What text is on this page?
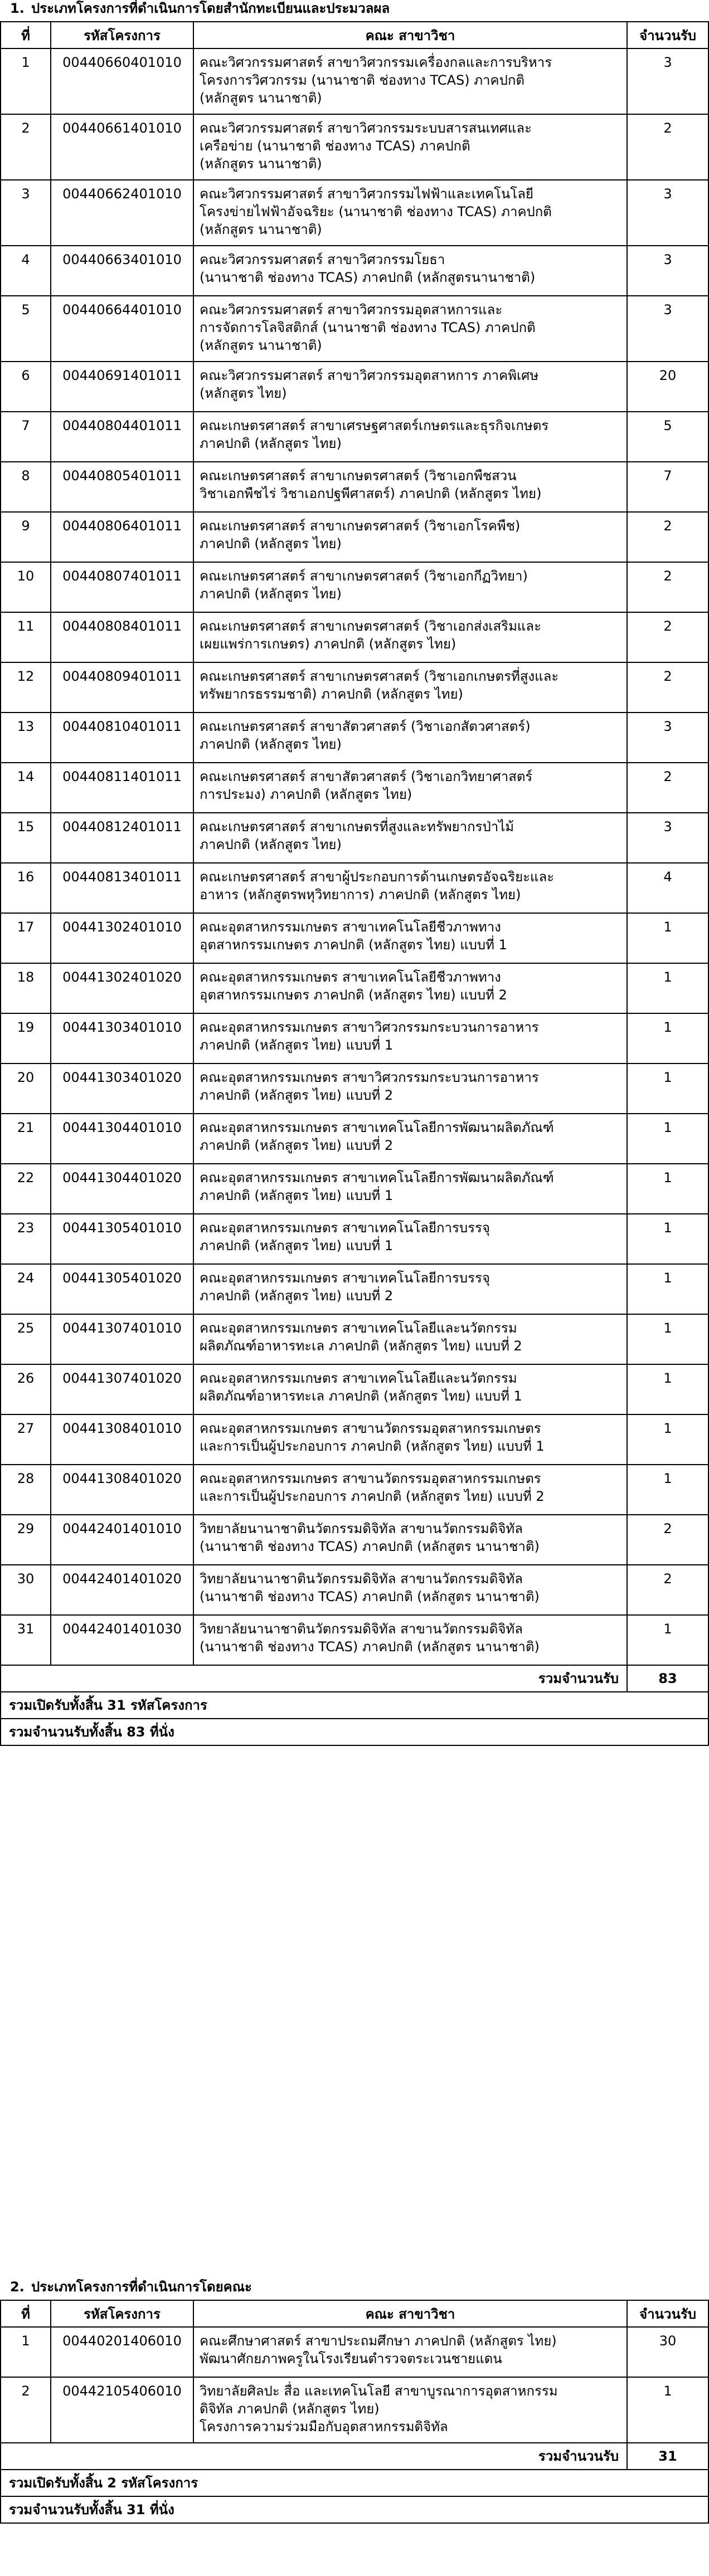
1. ประเภทโครงการที่ดำเนินการโดยสำนักทะเบียนและประมวลผล
ที่	รหัสโครงการ	คณะ สาขาวิชา	จำนวนรับ
1	00440660401010	คณะวิศวกรรมศาสตร์ สาขาวิศวกรรมเครื่องกลและการบริหาร
โครงการวิศวกรรม (นานาชาติ ช่องทาง TCAS) ภาคปกติ
(หลักสูตร นานาชาติ)	3
2	00440661401010	คณะวิศวกรรมศาสตร์ สาขาวิศวกรรมระบบสารสนเทศและ
เครือข่าย (นานาชาติ ช่องทาง TCAS) ภาคปกติ
(หลักสูตร นานาชาติ)	2
3	00440662401010	คณะวิศวกรรมศาสตร์ สาขาวิศวกรรมไฟฟ้าและเทคโนโลยี
โครงข่ายไฟฟ้าอัจฉริยะ (นานาชาติ ช่องทาง TCAS) ภาคปกติ
(หลักสูตร นานาชาติ)	3
4	00440663401010	คณะวิศวกรรมศาสตร์ สาขาวิศวกรรมโยธา
(นานาชาติ ช่องทาง TCAS) ภาคปกติ (หลักสูตรนานาชาติ)	3
5	00440664401010	คณะวิศวกรรมศาสตร์ สาขาวิศวกรรมอุตสาหการและ
การจัดการโลจิสติกส์ (นานาชาติ ช่องทาง TCAS) ภาคปกติ
(หลักสูตร นานาชาติ)	3
6	00440691401011	คณะวิศวกรรมศาสตร์ สาขาวิศวกรรมอุตสาหการ ภาคพิเศษ
(หลักสูตร ไทย)	20
7	00440804401011	คณะเกษตรศาสตร์ สาขาเศรษฐศาสตร์เกษตรและธุรกิจเกษตร
ภาคปกติ (หลักสูตร ไทย)	5
8	00440805401011	คณะเกษตรศาสตร์ สาขาเกษตรศาสตร์ (วิชาเอกพืชสวน
วิชาเอกพืชไร่ วิชาเอกปฐพีศาสตร์) ภาคปกติ (หลักสูตร ไทย)	7
9	00440806401011	คณะเกษตรศาสตร์ สาขาเกษตรศาสตร์ (วิชาเอกโรคพืช)
ภาคปกติ (หลักสูตร ไทย)	2
10	00440807401011	คณะเกษตรศาสตร์ สาขาเกษตรศาสตร์ (วิชาเอกกีฏวิทยา)
ภาคปกติ (หลักสูตร ไทย)	2
11	00440808401011	คณะเกษตรศาสตร์ สาขาเกษตรศาสตร์ (วิชาเอกส่งเสริมและ
เผยแพร่การเกษตร) ภาคปกติ (หลักสูตร ไทย)	2
12	00440809401011	คณะเกษตรศาสตร์ สาขาเกษตรศาสตร์ (วิชาเอกเกษตรที่สูงและ
ทรัพยากรธรรมชาติ) ภาคปกติ (หลักสูตร ไทย)	2
13	00440810401011	คณะเกษตรศาสตร์ สาขาสัตวศาสตร์ (วิชาเอกสัตวศาสตร์)
ภาคปกติ (หลักสูตร ไทย)	3
14	00440811401011	คณะเกษตรศาสตร์ สาขาสัตวศาสตร์ (วิชาเอกวิทยาศาสตร์
การประมง) ภาคปกติ (หลักสูตร ไทย)	2
15	00440812401011	คณะเกษตรศาสตร์ สาขาเกษตรที่สูงและทรัพยากรป่าไม้
ภาคปกติ (หลักสูตร ไทย)	3
16	00440813401011	คณะเกษตรศาสตร์ สาขาผู้ประกอบการด้านเกษตรอัจฉริยะและ
อาหาร (หลักสูตรพหุวิทยาการ) ภาคปกติ (หลักสูตร ไทย)	4
17	00441302401010	คณะอุตสาหกรรมเกษตร สาขาเทคโนโลยีชีวภาพทาง
อุตสาหกรรมเกษตร ภาคปกติ (หลักสูตร ไทย) แบบที่ 1	1
18	00441302401020	คณะอุตสาหกรรมเกษตร สาขาเทคโนโลยีชีวภาพทาง
อุตสาหกรรมเกษตร ภาคปกติ (หลักสูตร ไทย) แบบที่ 2	1
19	00441303401010	คณะอุตสาหกรรมเกษตร สาขาวิศวกรรมกระบวนการอาหาร
ภาคปกติ (หลักสูตร ไทย) แบบที่ 1	1
20	00441303401020	คณะอุตสาหกรรมเกษตร สาขาวิศวกรรมกระบวนการอาหาร
ภาคปกติ (หลักสูตร ไทย) แบบที่ 2	1
21	00441304401010	คณะอุตสาหกรรมเกษตร สาขาเทคโนโลยีการพัฒนาผลิตภัณฑ์
ภาคปกติ (หลักสูตร ไทย) แบบที่ 2	1
22	00441304401020	คณะอุตสาหกรรมเกษตร สาขาเทคโนโลยีการพัฒนาผลิตภัณฑ์
ภาคปกติ (หลักสูตร ไทย) แบบที่ 1	1
23	00441305401010	คณะอุตสาหกรรมเกษตร สาขาเทคโนโลยีการบรรจุ
ภาคปกติ (หลักสูตร ไทย) แบบที่ 1	1
24	00441305401020	คณะอุตสาหกรรมเกษตร สาขาเทคโนโลยีการบรรจุ
ภาคปกติ (หลักสูตร ไทย) แบบที่ 2	1
25	00441307401010	คณะอุตสาหกรรมเกษตร สาขาเทคโนโลยีและนวัตกรรม
ผลิตภัณฑ์อาหารทะเล ภาคปกติ (หลักสูตร ไทย) แบบที่ 2	1
26	00441307401020	คณะอุตสาหกรรมเกษตร สาขาเทคโนโลยีและนวัตกรรม
ผลิตภัณฑ์อาหารทะเล ภาคปกติ (หลักสูตร ไทย) แบบที่ 1	1
27	00441308401010	คณะอุตสาหกรรมเกษตร สาขานวัตกรรมอุตสาหกรรมเกษตร
และการเป็นผู้ประกอบการ ภาคปกติ (หลักสูตร ไทย) แบบที่ 1	1
28	00441308401020	คณะอุตสาหกรรมเกษตร สาขานวัตกรรมอุตสาหกรรมเกษตร
และการเป็นผู้ประกอบการ ภาคปกติ (หลักสูตร ไทย) แบบที่ 2	1
29	00442401401010	วิทยาลัยนานาชาตินวัตกรรมดิจิทัล สาขานวัตกรรมดิจิทัล
(นานาชาติ ช่องทาง TCAS) ภาคปกติ (หลักสูตร นานาชาติ)	2
30	00442401401020	วิทยาลัยนานาชาตินวัตกรรมดิจิทัล สาขานวัตกรรมดิจิทัล
(นานาชาติ ช่องทาง TCAS) ภาคปกติ (หลักสูตร นานาชาติ)	2
31	00442401401030	วิทยาลัยนานาชาตินวัตกรรมดิจิทัล สาขานวัตกรรมดิจิทัล
(นานาชาติ ช่องทาง TCAS) ภาคปกติ (หลักสูตร นานาชาติ)	1
รวมจำนวนรับ			83
รวมเปิดรับทั้งสิ้น 31 รหัสโครงการ			
รวมจำนวนรับทั้งสิ้น 83 ที่นั่ง			
2. ประเภทโครงการที่ดำเนินการโดยคณะ
ที่	รหัสโครงการ	คณะ สาขาวิชา	จำนวนรับ
1	00440201406010	คณะศึกษาศาสตร์ สาขาประถมศึกษา ภาคปกติ (หลักสูตร ไทย)
พัฒนาศักยภาพครูในโรงเรียนตำรวจตระเวนชายแดน	30
2	00442105406010	วิทยาลัยศิลปะ สื่อ และเทคโนโลยี สาขาบูรณาการอุตสาหกรรม
ดิจิทัล ภาคปกติ (หลักสูตร ไทย)
โครงการความร่วมมือกับอุตสาหกรรมดิจิทัล	1
รวมจำนวนรับ			31
รวมเปิดรับทั้งสิ้น 2 รหัสโครงการ			
รวมจำนวนรับทั้งสิ้น 31 ที่นั่ง			
